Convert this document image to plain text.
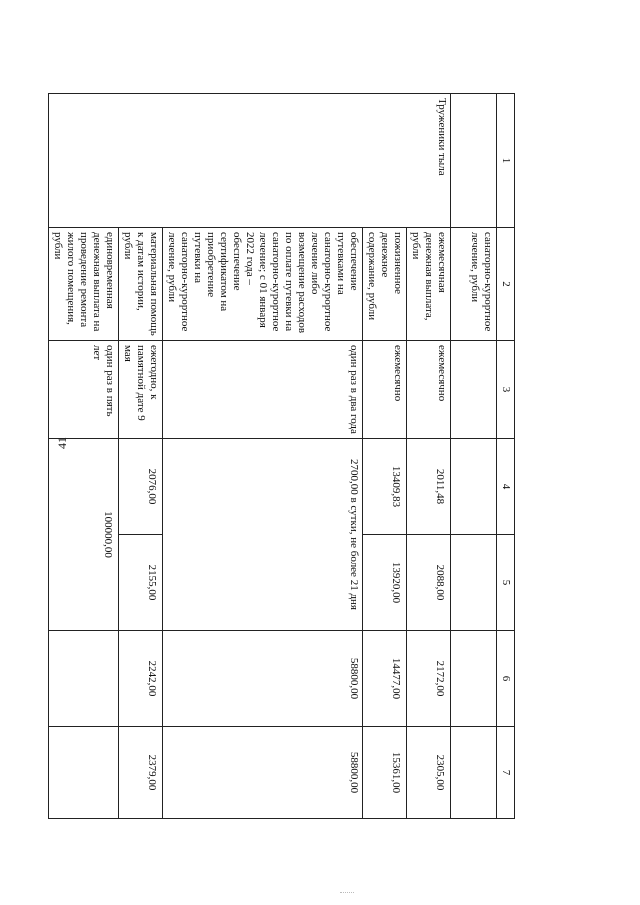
41
1	2	3	4	5	6	7
	санаторно-курортное лечение, рубли					
Труженики тыла	ежемесячная денежная выплата, рубли	ежемесячно	2011,48	2088,00	2172,00	2305,00
	пожизненное денежное содержание, рубли	ежемесячно	13409,83	13920,00	14477,00	15361,00
	обеспечение путевками на санаторно-курортное лечение либо возмещение расходов по оплате путевки на санаторно-курортное лечение; с 01 января 2022 года – обеспечение сертификатом на приобретение путевки на санаторно-курортное лечение, рубли	один раз в два года	2700,00 в сутки, не более 21 дня		58800,00	58800,00
	материальная помощь к датам истории, рубли	ежегодно, к памятной дате 9 мая	2076,00	2155,00	2242,00	2379,00
	единовременная денежная выплата на проведение ремонта жилого помещения, рубли	один раз в пять лет	100000,00			
